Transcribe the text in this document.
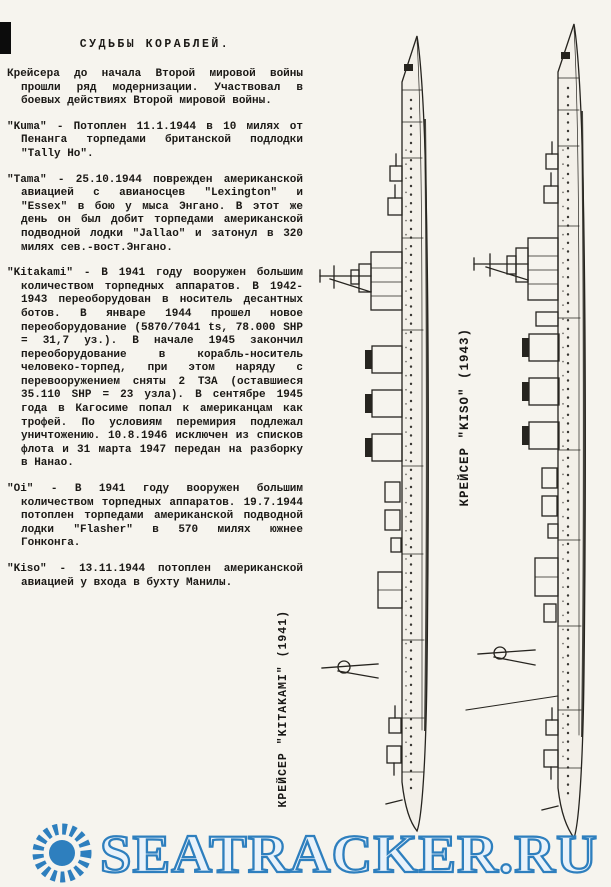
СУДЬБЫ КОРАБЛЕЙ.

Крейсера до начала Второй мировой войны прошли ряд модернизации. Участвовал в боевых действиях Второй мировой войны.

"Kuma" - Потоплен 11.1.1944 в 10 милях от Пенанга торпедами британской подлодки "Tally Ho".

"Tama" - 25.10.1944 поврежден американской авиацией с авианосцев "Lexington" и "Essex" в бою у мыса Энгано. В этот же день он был добит торпедами американской подводной лодки "Jallao" и затонул в 320 милях сев.-вост.Энгано.

"Kitakami" - В 1941 году вооружен большим количеством торпедных аппаратов. В 1942-1943 переоборудован в носитель десантных ботов. В январе 1944 прошел новое переоборудование (5870/7041 ts, 78.000 SHP = 31,7 уз.). В начале 1945 закончил переоборудование в корабль-носитель человеко-торпед, при этом наряду с перевооружением сняты 2 ТЗА (оставшиеся 35.110 SHP = 23 узла). В сентябре 1945 года в Кагосиме попал к американцам как трофей. По условиям перемирия подлежал уничтожению. 10.8.1946 исключен из списков флота и 31 марта 1947 передан на разборку в Нанао.

"Oi" - В 1941 году вооружен большим количеством торпедных аппаратов. 19.7.1944 потоплен торпедами американской подводной лодки "Flasher" в 570 милях южнее Гонконга.

"Kiso" - 13.11.1944 потоплен американской авиацией у входа в бухту Манилы.

КРЕЙСЕР "KITAKAMI" (1941)
КРЕЙСЕР "KISO" (1943)
SEATRACKER.RU
